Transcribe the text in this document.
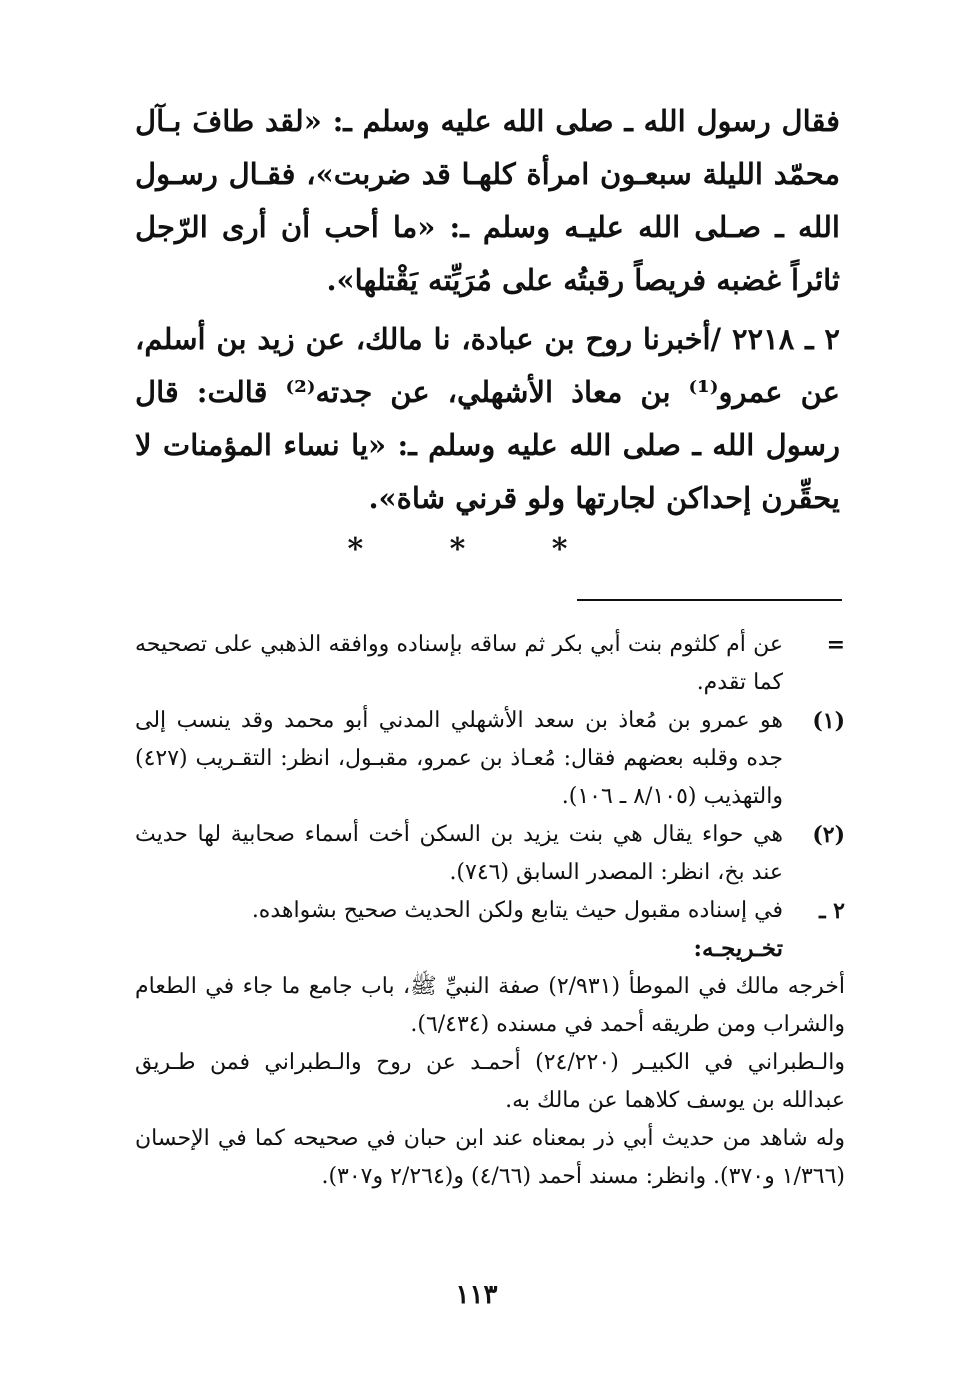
فقال رسول الله ـ صلى الله عليه وسلم ـ: «لقد طافَ بـآل محمّد الليلة سبعـون امرأة كلهـا قد ضربت»، فقـال رسـول الله ـ صـلى الله عليـه وسلم ـ: «ما أحب أن أرى الرّجل ثائراً غضبه فريصاً رقبتُه على مُرَيِّته يَقْتلها».

٢ ـ ٢٢١٨ /أخبرنا روح بن عبادة، نا مالك، عن زيد بن أسلم، عن عمرو⁽¹⁾ بن معاذ الأشهلي، عن جدته⁽²⁾ قالت: قال رسول الله ـ صلى الله عليه وسلم ـ: «يا نساء المؤمنات لا يحقِّرن إحداكن لجارتها ولو قرني شاة».

* * *
=
عن أم كلثوم بنت أبي بكر ثم ساقه بإسناده ووافقه الذهبي على تصحيحه كما تقدم.
(١)
هو عمرو بن مُعاذ بن سعد الأشهلي المدني أبو محمد وقد ينسب إلى جده وقلبه بعضهم فقال: مُعـاذ بن عمرو، مقبـول، انظر: التقـريب (٤٢٧) والتهذيب (٨/١٠٥ ـ ١٠٦).
(٢)
هي حواء يقال هي بنت يزيد بن السكن أخت أسماء صحابية لها حديث عند بخ، انظر: المصدر السابق (٧٤٦).
٢ ـ
في إسناده مقبول حيث يتابع ولكن الحديث صحيح بشواهده.

تخـريجـه:

أخرجه مالك في الموطأ (٢/٩٣١) صفة النبيِّ ﷺ، باب جامع ما جاء في الطعام والشراب ومن طريقه أحمد في مسنده (٦/٤٣٤).

والـطبراني في الكبيـر (٢٤/٢٢٠) أحمـد عن روح والـطبراني فمن طـريق عبدالله بن يوسف كلاهما عن مالك به.

وله شاهد من حديث أبي ذر بمعناه عند ابن حبان في صحيحه كما في الإحسان (١/٣٦٦ و٣٧٠). وانظر: مسند أحمد (٤/٦٦) و(٢/٢٦٤ و٣٠٧).

١١٣
